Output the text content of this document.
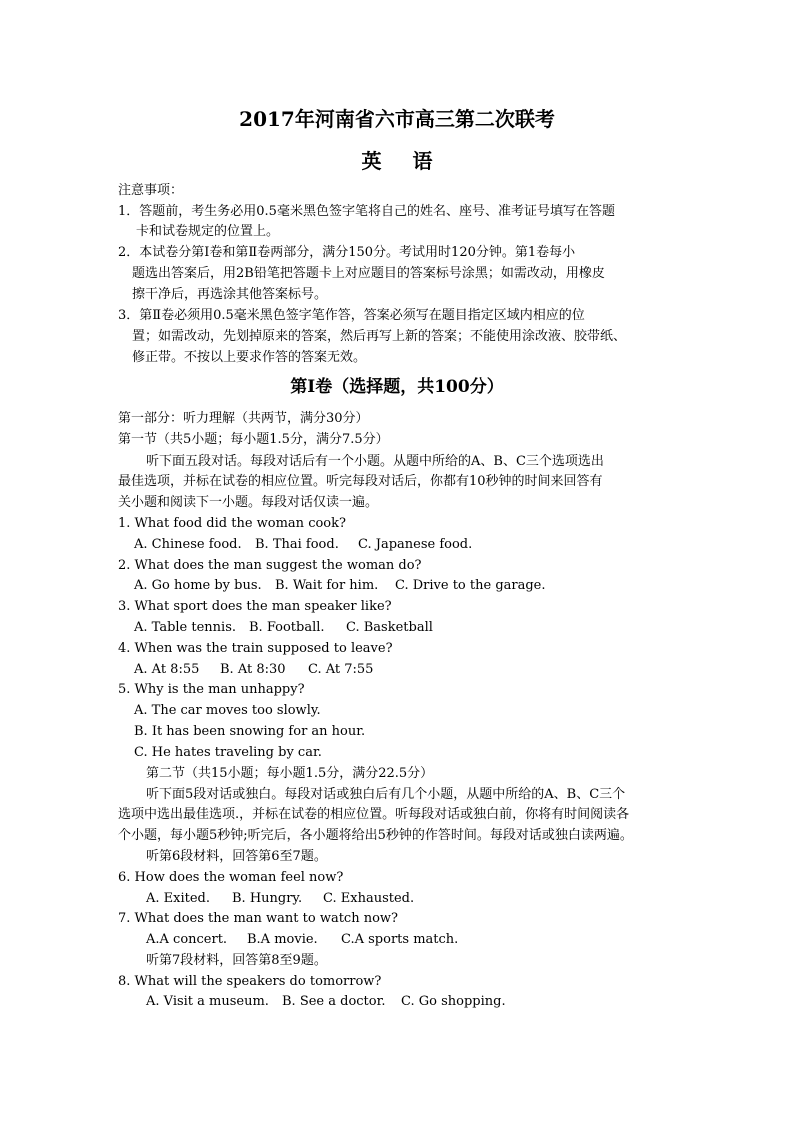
2017年河南省六市高三第二次联考
英 语
注意事项：
1．答题前，考生务必用0.5毫米黑色签字笔将自己的姓名、座号、准考证号填写在答题
卡和试卷规定的位置上。
2．本试卷分第Ⅰ卷和第Ⅱ卷两部分，满分150分。考试用时120分钟。第1卷每小
题选出答案后，用2B铅笔把答题卡上对应题目的答案标号涂黑；如需改动，用橡皮
擦干净后，再选涂其他答案标号。
3．第Ⅱ卷必须用0.5毫米黑色签字笔作答，答案必须写在题目指定区域内相应的位
置；如需改动，先划掉原来的答案，然后再写上新的答案；不能使用涂改液、胶带纸、
修正带。不按以上要求作答的答案无效。
第Ⅰ卷（选择题，共100分）
第一部分：听力理解（共两节，满分30分）
第一节（共5小题；每小题1.5分，满分7.5分）
听下面五段对话。每段对话后有一个小题。从题中所给的A、B、C三个选项选出
最佳选项，并标在试卷的相应位置。听完每段对话后，你都有10秒钟的时间来回答有
关小题和阅读下一小题。每段对话仅读一遍。
1. What food did the woman cook?
A. Chinese food. B. Thai food. C. Japanese food.
2. What does the man suggest the woman do?
A. Go home by bus. B. Wait for him. C. Drive to the garage.
3. What sport does the man speaker like?
A. Table tennis. B. Football. C. Basketball
4. When was the train supposed to leave?
A. At 8:55 B. At 8:30 C. At 7:55
5. Why is the man unhappy?
A. The car moves too slowly.
B. It has been snowing for an hour.
C. He hates traveling by car.
第二节（共15小题；每小题1.5分，满分22.5分）
听下面5段对话或独白。每段对话或独白后有几个小题，从题中所给的A、B、C三个
选项中选出最佳选项.，并标在试卷的相应位置。听每段对话或独白前，你将有时间阅读各
个小题，每小题5秒钟;听完后，各小题将给出5秒钟的作答时间。每段对话或独白读两遍。
听第6段材料，回答第6至7题。
6. How does the woman feel now?
A. Exited. B. Hungry. C. Exhausted.
7. What does the man want to watch now?
A.A concert. B.A movie. C.A sports match.
听第7段材料，回答第8至9题。
8. What will the speakers do tomorrow?
A. Visit a museum. B. See a doctor. C. Go shopping.
